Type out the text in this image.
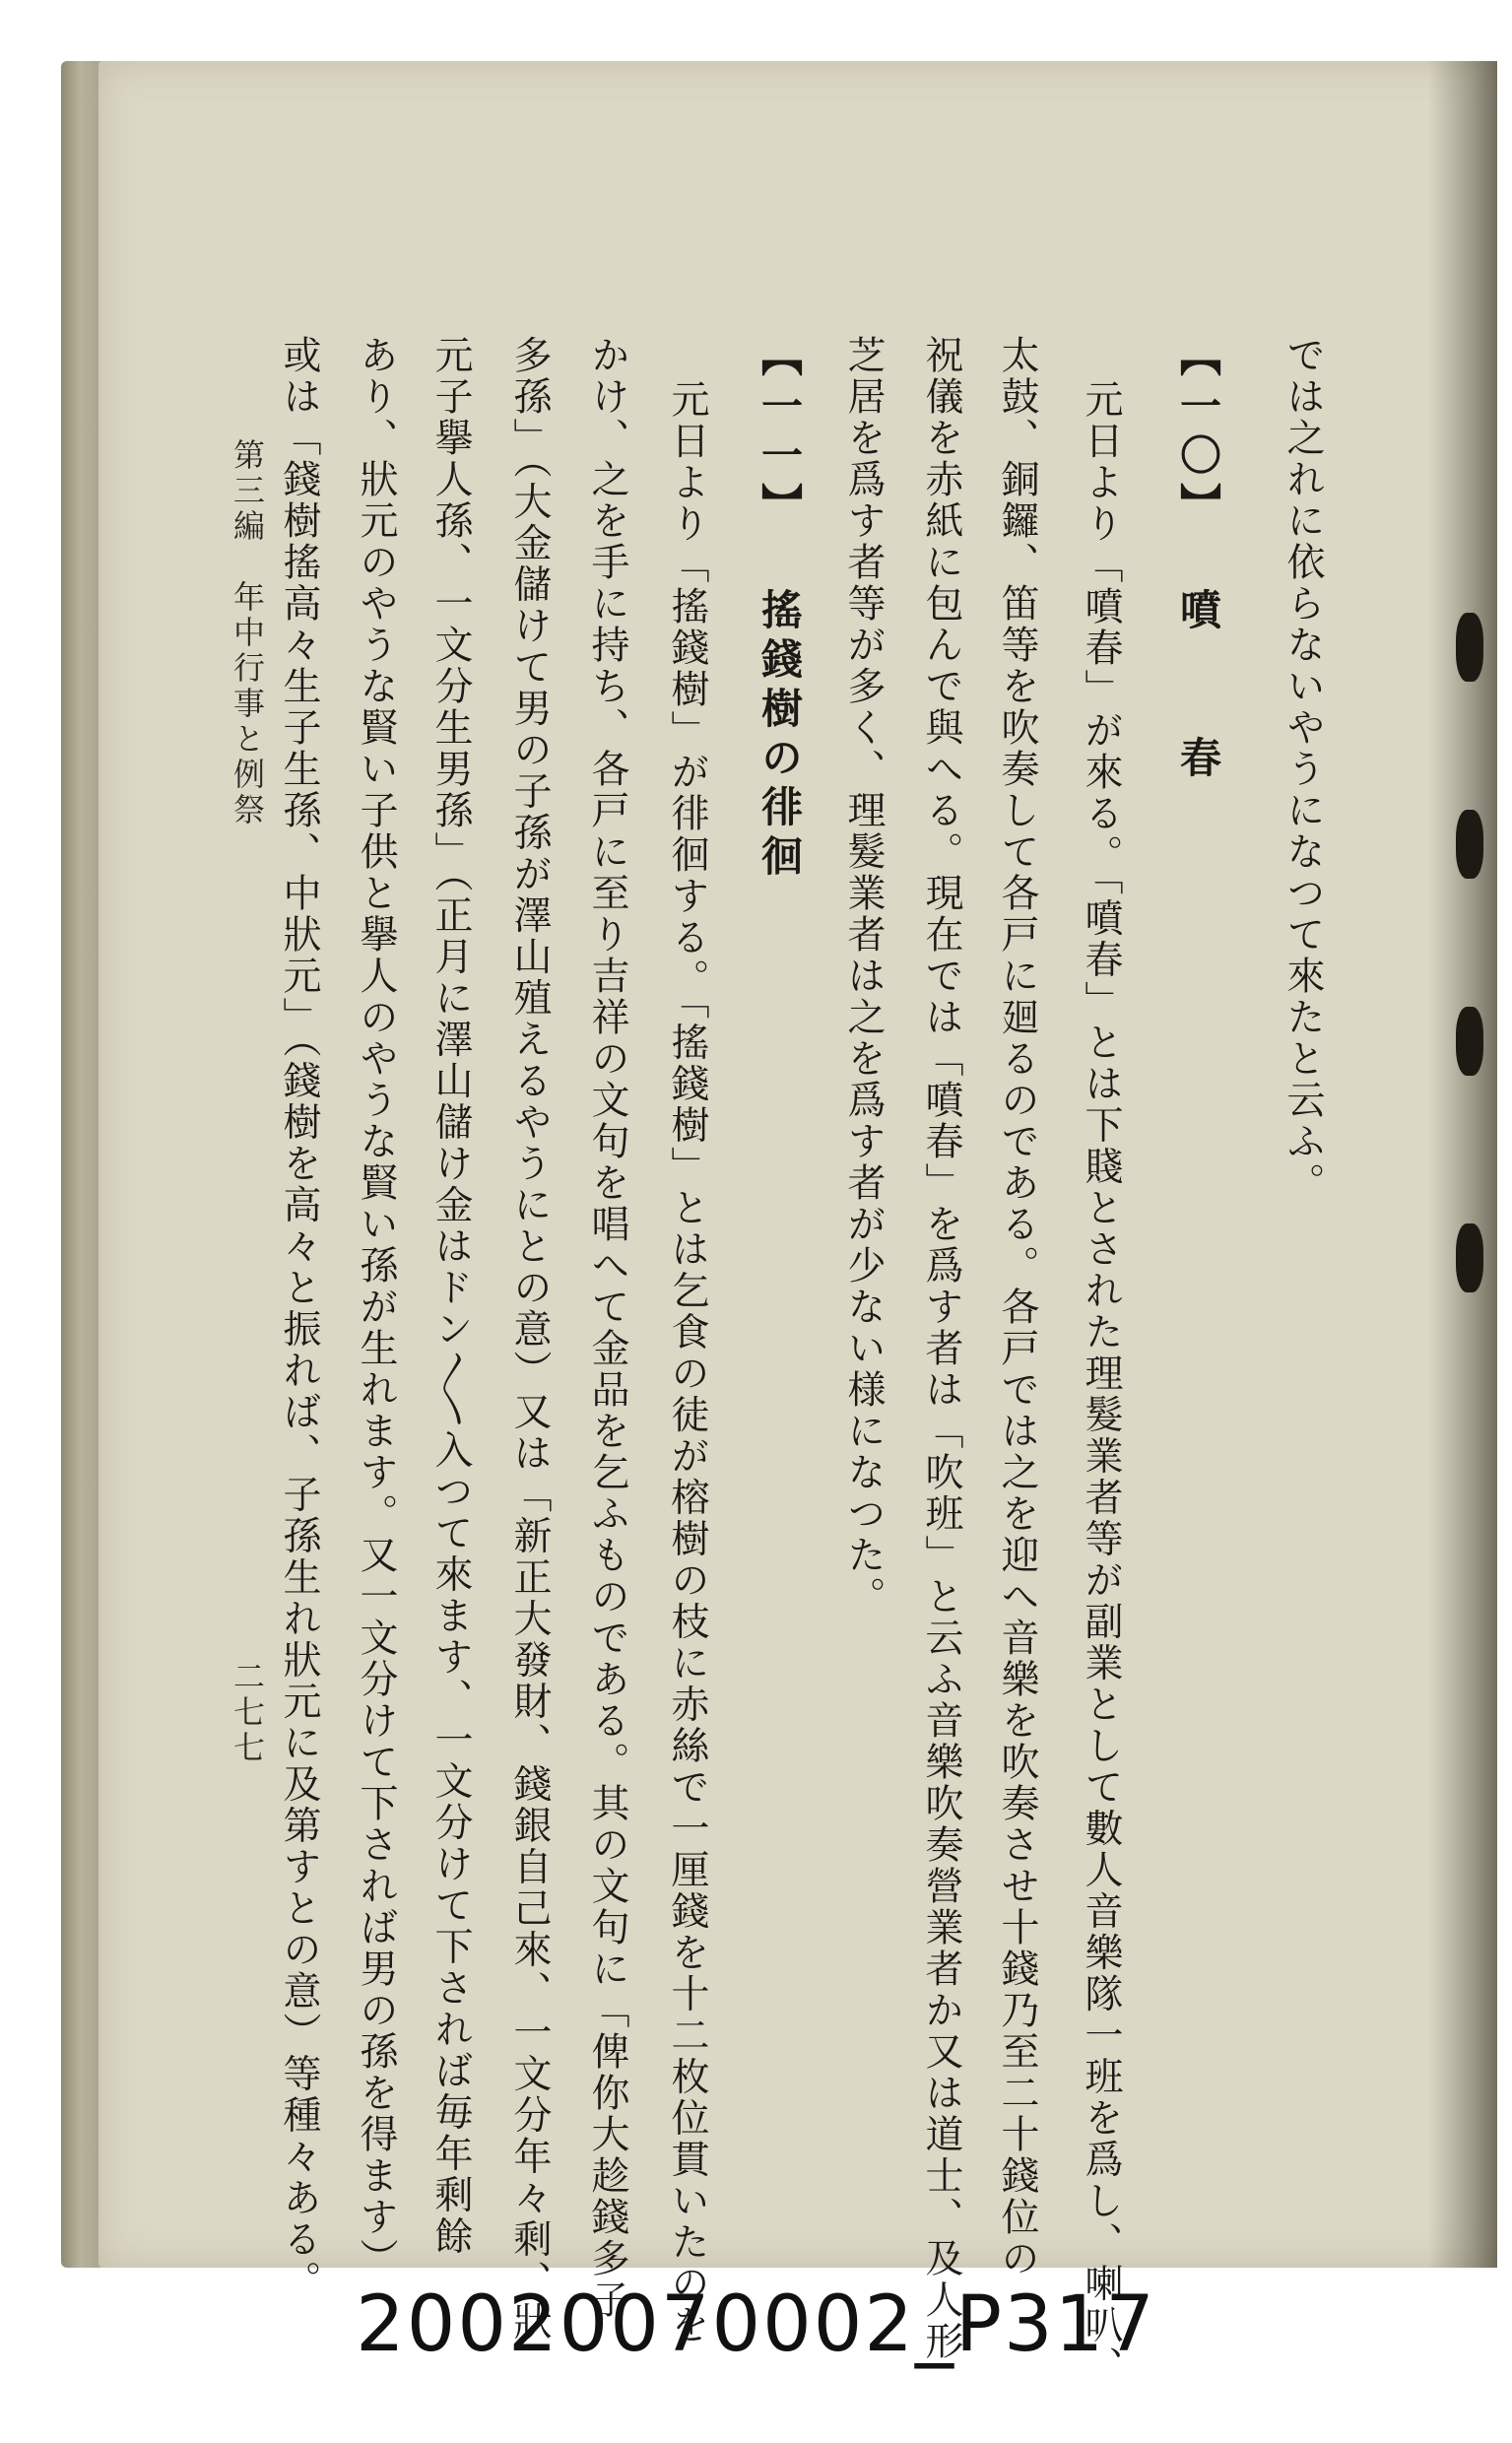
では之れに依らないやうになつて來たと云ふ。
【一〇】 噴　　春
元日より「噴春」が來る。「噴春」とは下賤とされた理髮業者等が副業として數人音樂隊一班を爲し、喇叭、
太鼓、銅鑼、笛等を吹奏して各戸に廻るのである。各戸では之を迎へ音樂を吹奏させ十錢乃至二十錢位の
祝儀を赤紙に包んで與へる。現在では「噴春」を爲す者は「吹班」と云ふ音樂吹奏營業者か又は道士、及人形
芝居を爲す者等が多く、理髮業者は之を爲す者が少ない様になつた。
【一一】 搖錢樹の徘徊
元日より「搖錢樹」が徘徊する。「搖錢樹」とは乞食の徒が榕樹の枝に赤絲で一厘錢を十二枚位貫いたのを
かけ、之を手に持ち、各戸に至り吉祥の文句を唱へて金品を乞ふものである。其の文句に「俾你大趁錢多子
多孫」（大金儲けて男の子孫が澤山殖えるやうにとの意）又は「新正大發財、錢銀自己來、一文分年々剩、狀
元子擧人孫、一文分生男孫」（正月に澤山儲け金はドン〳〵入つて來ます、一文分けて下されば毎年剩餘
あり、狀元のやうな賢い子供と擧人のやうな賢い孫が生れます。又一文分けて下されば男の孫を得ます）
或は「錢樹搖高々生子生孫、中狀元」（錢樹を高々と振れば、子孫生れ狀元に及第すとの意）等種々ある。
第三編　年中行事と例祭
二七七
20020070002_P317
